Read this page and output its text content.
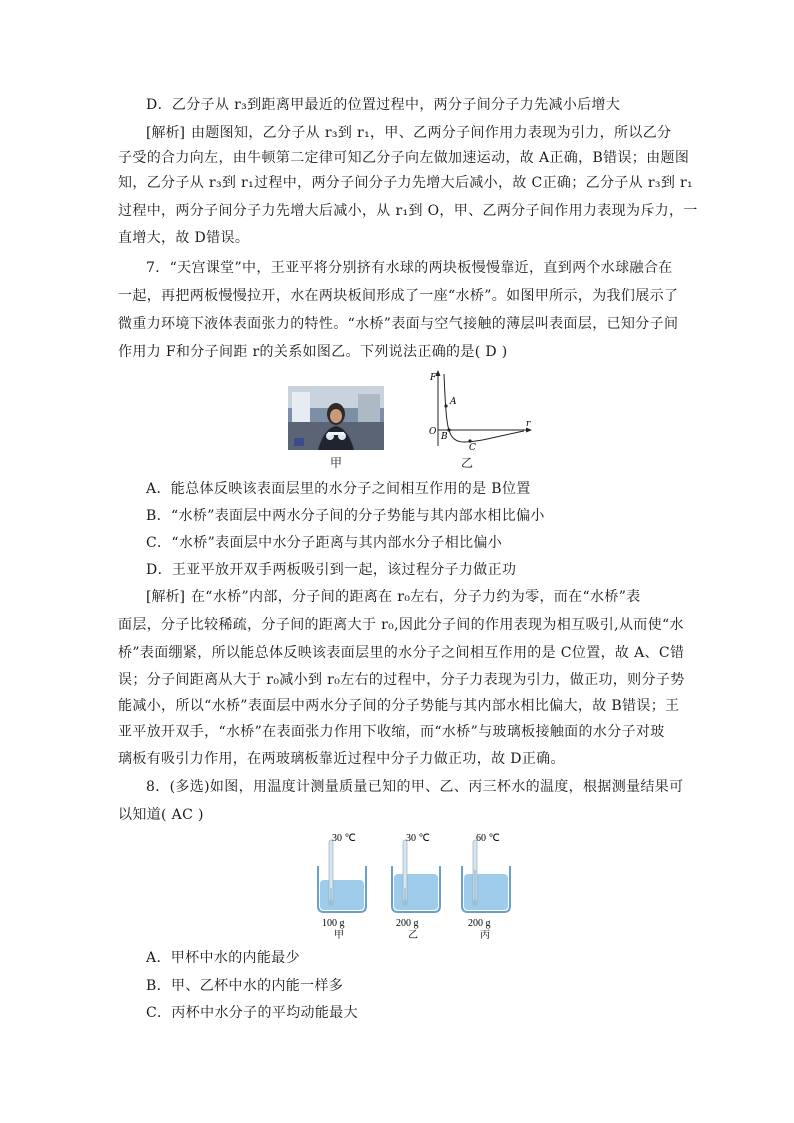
D．乙分子从 r₃到距离甲最近的位置过程中，两分子间分子力先减小后增大
[解析] 由题图知，乙分子从 r₃到 r₁，甲、乙两分子间作用力表现为引力，所以乙分
子受的合力向左，由牛顿第二定律可知乙分子向左做加速运动，故 A正确，B错误；由题图
知，乙分子从 r₃到 r₁过程中，两分子间分子力先增大后减小，故 C正确；乙分子从 r₃到 r₁
过程中，两分子间分子力先增大后减小，从 r₁到 O，甲、乙两分子间作用力表现为斥力，一
直增大，故 D错误。
7．“天宫课堂”中，王亚平将分别挤有水球的两块板慢慢靠近，直到两个水球融合在
一起，再把两板慢慢拉开，水在两块板间形成了一座“水桥”。如图甲所示，为我们展示了
微重力环境下液体表面张力的特性。“水桥”表面与空气接触的薄层叫表面层，已知分子间
作用力 F和分子间距 r的关系如图乙。下列说法正确的是( D )
甲
F
r
O
A
B
C
乙
A．能总体反映该表面层里的水分子之间相互作用的是 B位置
B．“水桥”表面层中两水分子间的分子势能与其内部水相比偏小
C．“水桥”表面层中水分子距离与其内部水分子相比偏小
D．王亚平放开双手两板吸引到一起，该过程分子力做正功
[解析] 在“水桥”内部，分子间的距离在 r₀左右，分子力约为零，而在“水桥”表
面层，分子比较稀疏，分子间的距离大于 r₀,因此分子间的作用表现为相互吸引,从而使“水
桥”表面绷紧，所以能总体反映该表面层里的水分子之间相互作用的是 C位置，故 A、C错
误；分子间距离从大于 r₀减小到 r₀左右的过程中，分子力表现为引力，做正功，则分子势
能减小，所以“水桥”表面层中两水分子间的分子势能与其内部水相比偏大，故 B错误；王
亚平放开双手，“水桥”在表面张力作用下收缩，而“水桥”与玻璃板接触面的水分子对玻
璃板有吸引力作用，在两玻璃板靠近过程中分子力做正功，故 D正确。
8．(多选)如图，用温度计测量质量已知的甲、乙、丙三杯水的温度，根据测量结果可
以知道( AC )
30 ℃
100 g
甲
30 ℃
200 g
乙
60 ℃
200 g
丙
A．甲杯中水的内能最少
B．甲、乙杯中水的内能一样多
C．丙杯中水分子的平均动能最大
